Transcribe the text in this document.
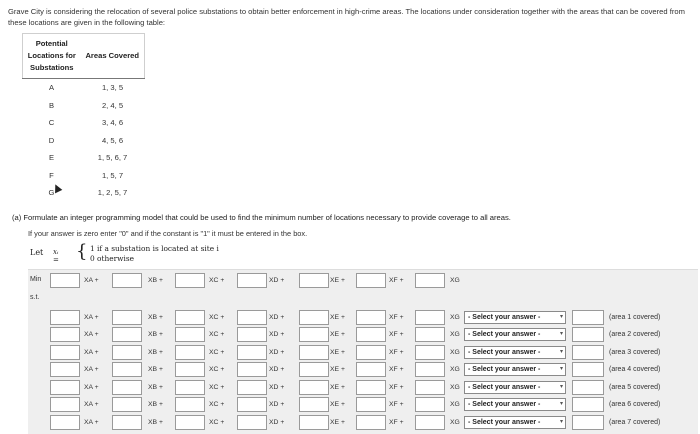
Grave City is considering the relocation of several police substations to obtain better enforcement in high-crime areas. The locations under consideration together with the areas that can be covered from these locations are given in the following table:
Potential Locations for Substations	Areas Covered
A	1, 3, 5
B	2, 4, 5
C	3, 4, 6
D	4, 5, 6
E	1, 5, 6, 7
F	1, 5, 7
G	1, 2, 5, 7
(a) Formulate an integer programming model that could be used to find the minimum number of locations necessary to provide coverage to all areas.
If your answer is zero enter "0" and if the constant is "1" it must be entered in the box.
Let xᵢ = { 1 if a substation is located at site i
0 otherwise
Min
s.t.
XA +	XB +	XC +	XD +	XE +	XF +	XG
XA +	XB +	XC +	XD +	XE +	XF +	XG	- Select your answer -	▾	(area 1 covered)
XA +	XB +	XC +	XD +	XE +	XF +	XG	- Select your answer -	▾	(area 2 covered)
XA +	XB +	XC +	XD +	XE +	XF +	XG	- Select your answer -	▾	(area 3 covered)
XA +	XB +	XC +	XD +	XE +	XF +	XG	- Select your answer -	▾	(area 4 covered)
XA +	XB +	XC +	XD +	XE +	XF +	XG	- Select your answer -	▾	(area 5 covered)
XA +	XB +	XC +	XD +	XE +	XF +	XG	- Select your answer -	▾	(area 6 covered)
XA +	XB +	XC +	XD +	XE +	XF +	XG	- Select your answer -	▾	(area 7 covered)
